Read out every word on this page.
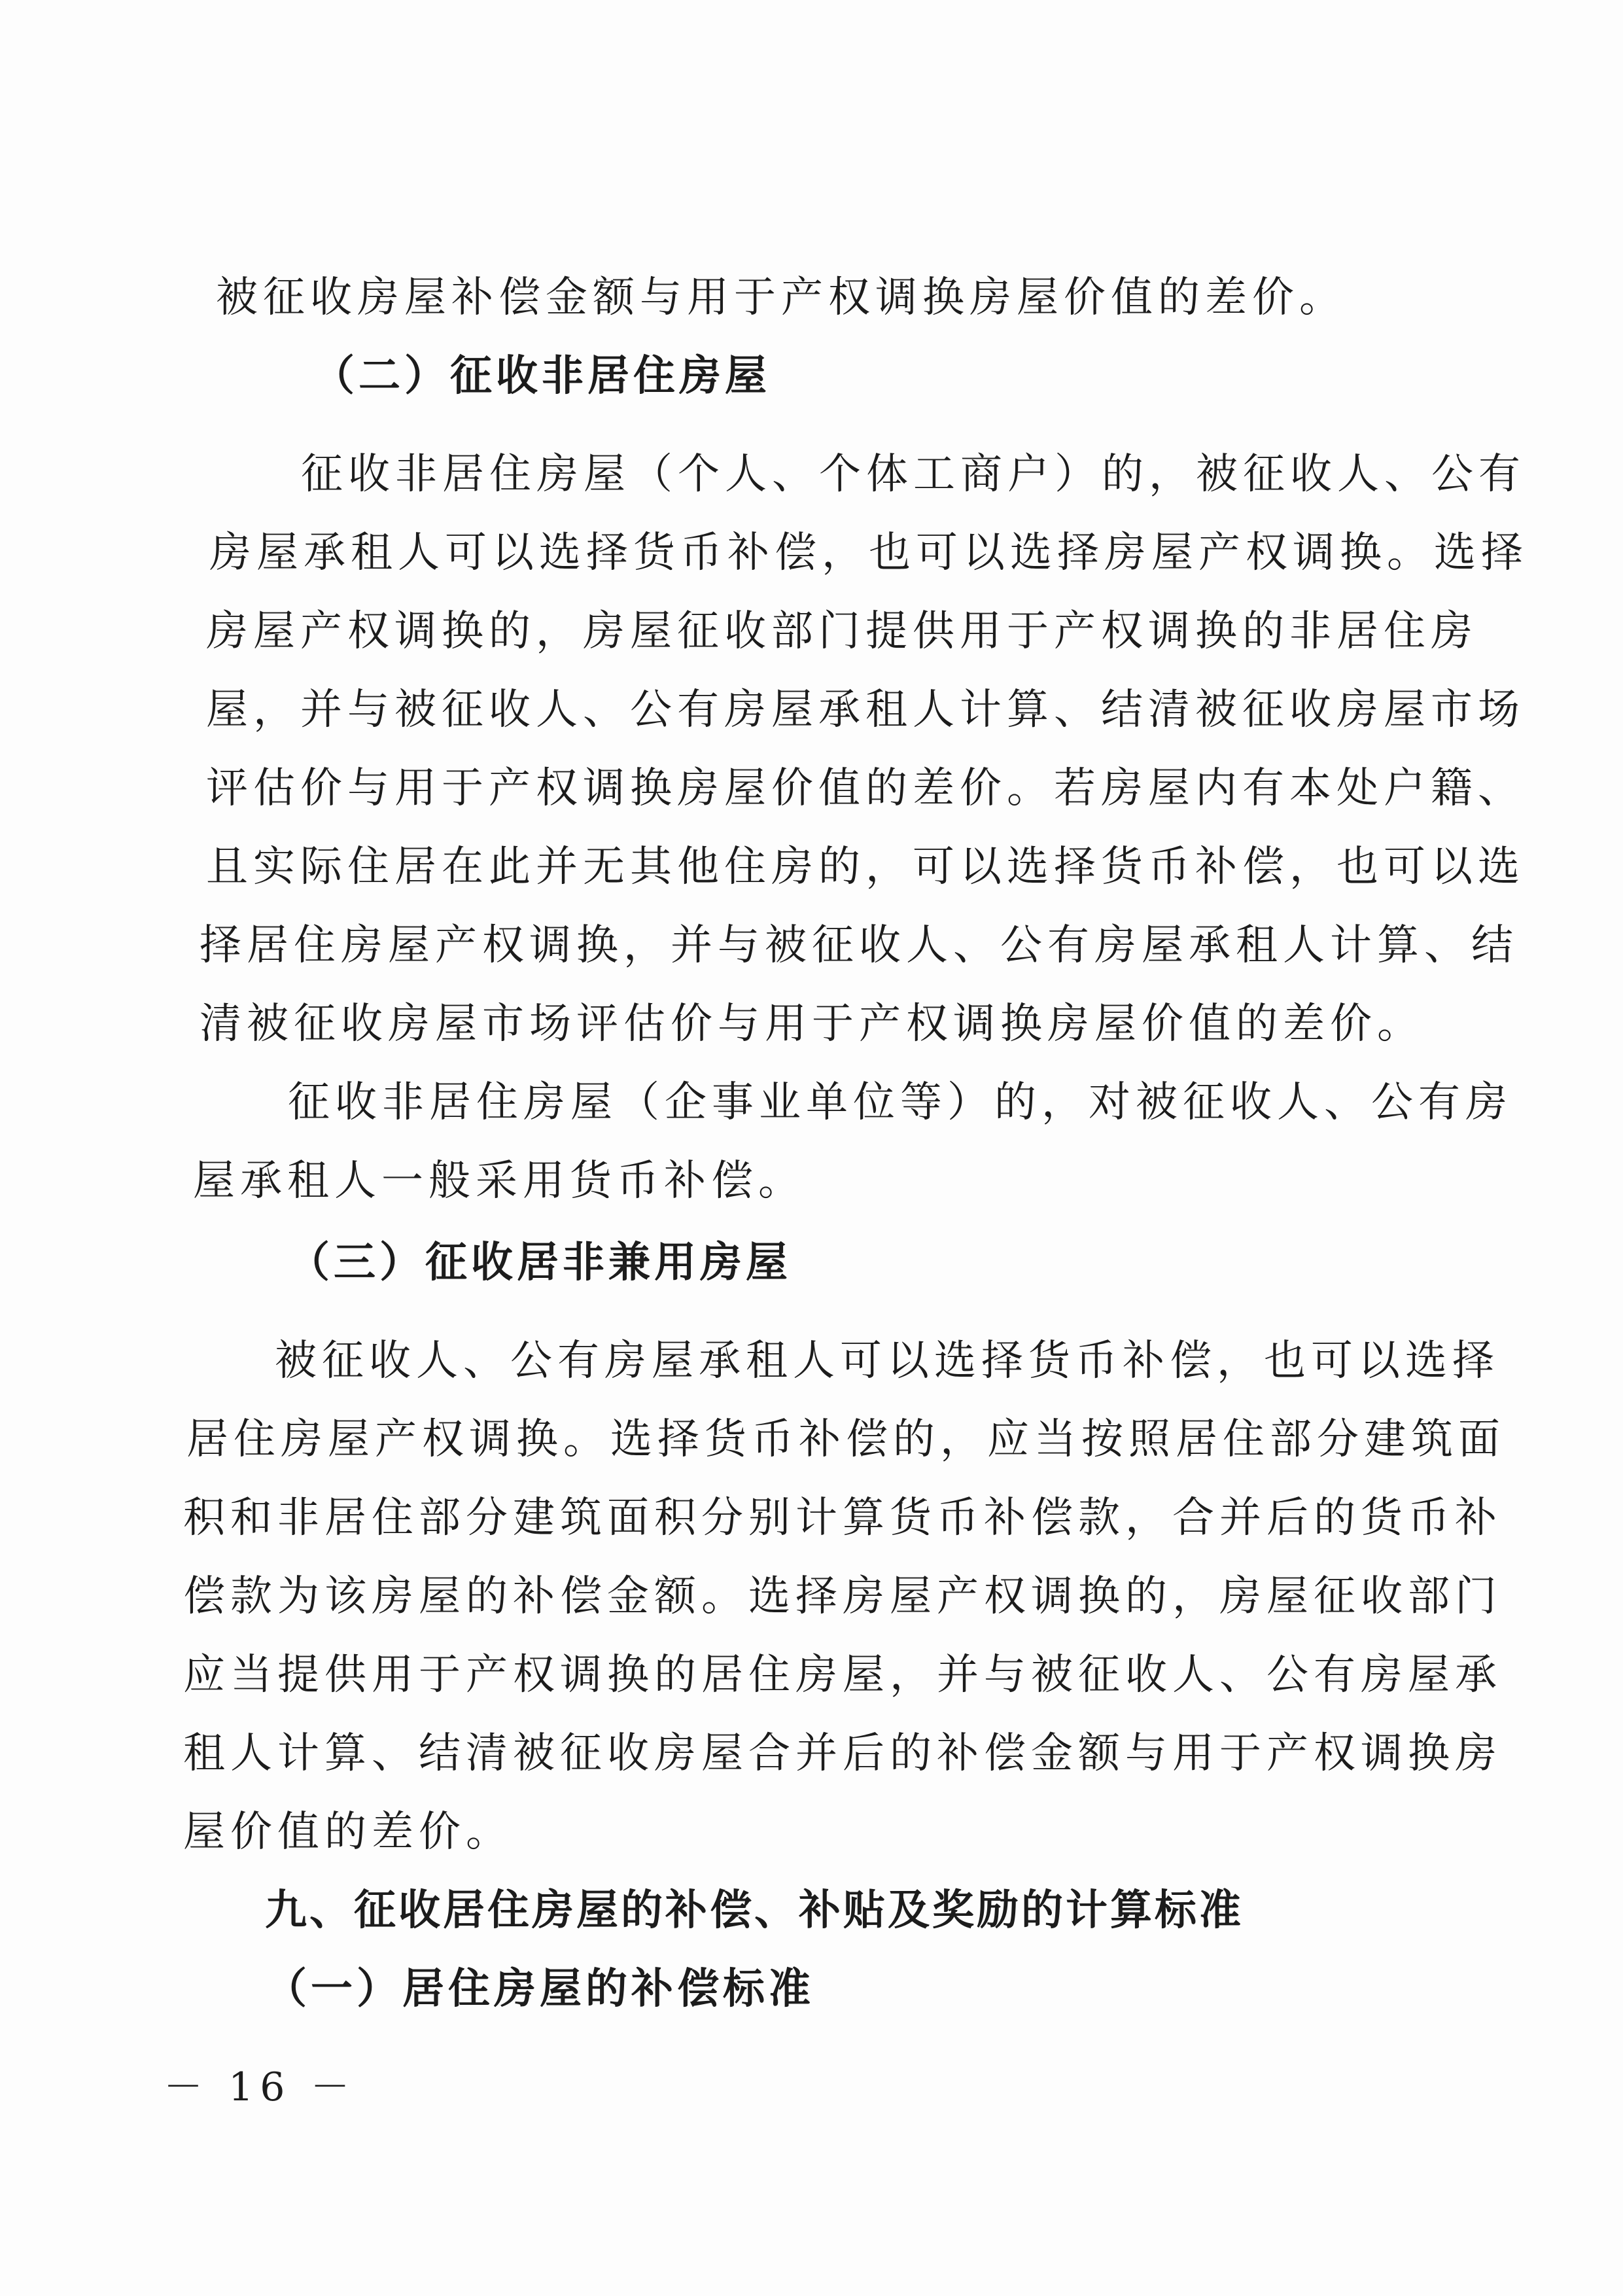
被征收房屋补偿金额与用于产权调换房屋价值的差价。
（二）征收非居住房屋
征收非居住房屋（个人、个体工商户）的，被征收人、公有
房屋承租人可以选择货币补偿，也可以选择房屋产权调换。选择
房屋产权调换的，房屋征收部门提供用于产权调换的非居住房
屋，并与被征收人、公有房屋承租人计算、结清被征收房屋市场
评估价与用于产权调换房屋价值的差价。若房屋内有本处户籍、
且实际住居在此并无其他住房的，可以选择货币补偿，也可以选
择居住房屋产权调换，并与被征收人、公有房屋承租人计算、结
清被征收房屋市场评估价与用于产权调换房屋价值的差价。
征收非居住房屋（企事业单位等）的，对被征收人、公有房
屋承租人一般采用货币补偿。
（三）征收居非兼用房屋
被征收人、公有房屋承租人可以选择货币补偿，也可以选择
居住房屋产权调换。选择货币补偿的，应当按照居住部分建筑面
积和非居住部分建筑面积分别计算货币补偿款，合并后的货币补
偿款为该房屋的补偿金额。选择房屋产权调换的，房屋征收部门
应当提供用于产权调换的居住房屋，并与被征收人、公有房屋承
租人计算、结清被征收房屋合并后的补偿金额与用于产权调换房
屋价值的差价。
九、征收居住房屋的补偿、补贴及奖励的计算标准
（一）居住房屋的补偿标准
－ 16 －
